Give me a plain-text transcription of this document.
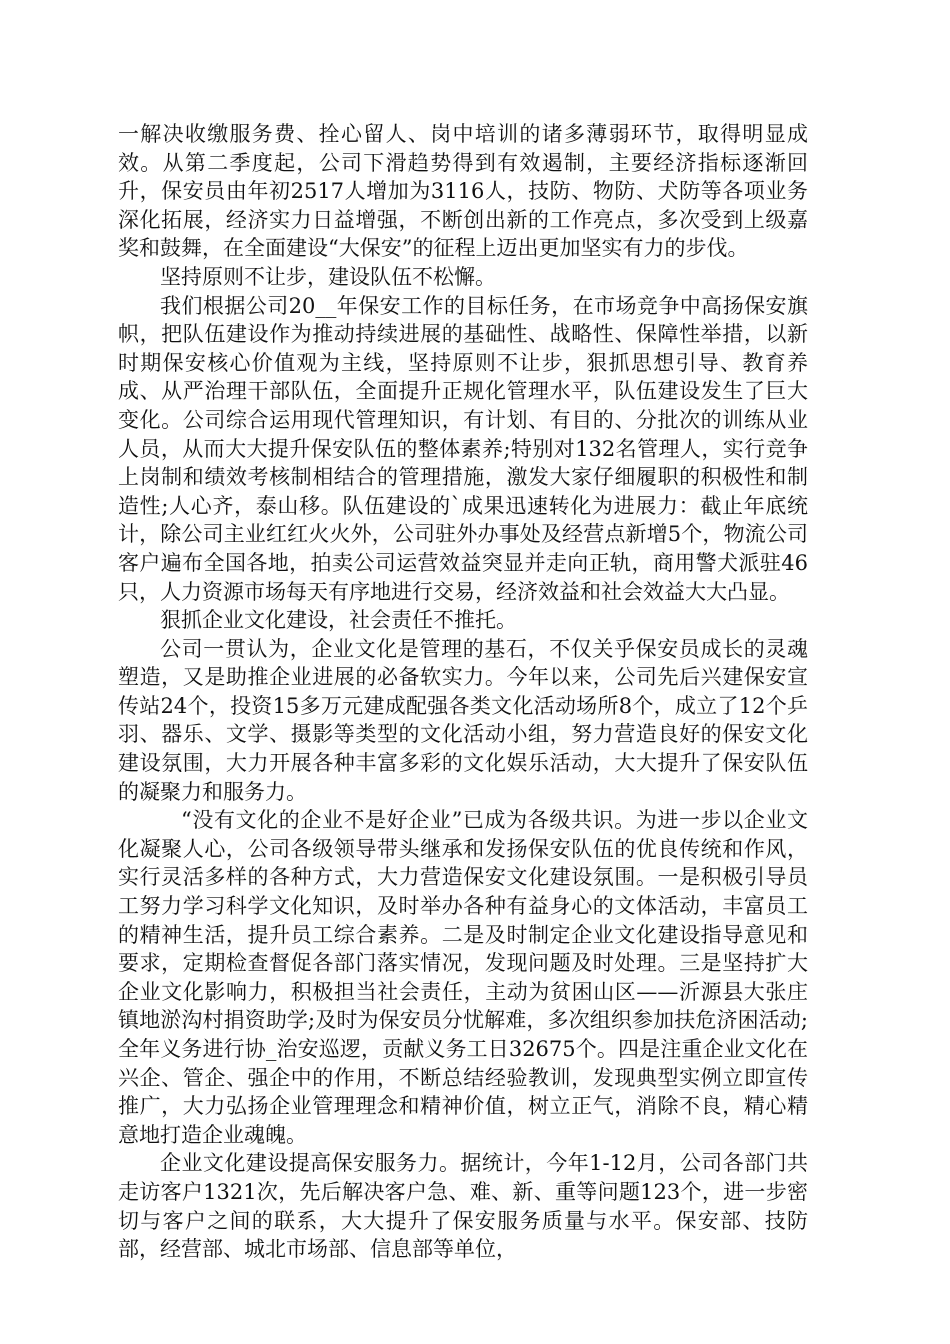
一解决收缴服务费、拴心留人、岗中培训的诸多薄弱环节，取得明显成效。从第二季度起，公司下滑趋势得到有效遏制，主要经济指标逐渐回升，保安员由年初2517人增加为3116人，技防、物防、犬防等各项业务深化拓展，经济实力日益增强，不断创出新的工作亮点，多次受到上级嘉奖和鼓舞，在全面建设“大保安”的征程上迈出更加坚实有力的步伐。

坚持原则不让步，建设队伍不松懈。

我们根据公司20__年保安工作的目标任务，在市场竞争中高扬保安旗帜，把队伍建设作为推动持续进展的基础性、战略性、保障性举措，以新时期保安核心价值观为主线，坚持原则不让步，狠抓思想引导、教育养成、从严治理干部队伍，全面提升正规化管理水平，队伍建设发生了巨大变化。公司综合运用现代管理知识，有计划、有目的、分批次的训练从业人员，从而大大提升保安队伍的整体素养;特别对132名管理人，实行竞争上岗制和绩效考核制相结合的管理措施，激发大家仔细履职的积极性和制造性;人心齐，泰山移。队伍建设的`成果迅速转化为进展力：截止年底统计，除公司主业红红火火外，公司驻外办事处及经营点新增5个，物流公司客户遍布全国各地，拍卖公司运营效益突显并走向正轨，商用警犬派驻46只，人力资源市场每天有序地进行交易，经济效益和社会效益大大凸显。

狠抓企业文化建设，社会责任不推托。

公司一贯认为，企业文化是管理的基石，不仅关乎保安员成长的灵魂塑造，又是助推企业进展的必备软实力。今年以来，公司先后兴建保安宣传站24个，投资15多万元建成配强各类文化活动场所8个，成立了12个乒羽、器乐、文学、摄影等类型的文化活动小组，努力营造良好的保安文化建设氛围，大力开展各种丰富多彩的文化娱乐活动，大大提升了保安队伍的凝聚力和服务力。

“没有文化的企业不是好企业”已成为各级共识。为进一步以企业文化凝聚人心，公司各级领导带头继承和发扬保安队伍的优良传统和作风，实行灵活多样的各种方式，大力营造保安文化建设氛围。一是积极引导员工努力学习科学文化知识，及时举办各种有益身心的文体活动，丰富员工的精神生活，提升员工综合素养。二是及时制定企业文化建设指导意见和要求，定期检查督促各部门落实情况，发现问题及时处理。三是坚持扩大企业文化影响力，积极担当社会责任，主动为贫困山区——沂源县大张庄镇地淤沟村捐资助学;及时为保安员分忧解难，多次组织参加扶危济困活动;全年义务进行协_治安巡逻，贡献义务工日32675个。四是注重企业文化在兴企、管企、强企中的作用，不断总结经验教训，发现典型实例立即宣传推广，大力弘扬企业管理理念和精神价值，树立正气，消除不良，精心精意地打造企业魂魄。

企业文化建设提高保安服务力。据统计，今年1-12月，公司各部门共走访客户1321次，先后解决客户急、难、新、重等问题123个，进一步密切与客户之间的联系，大大提升了保安服务质量与水平。保安部、技防部，经营部、城北市场部、信息部等单位，
